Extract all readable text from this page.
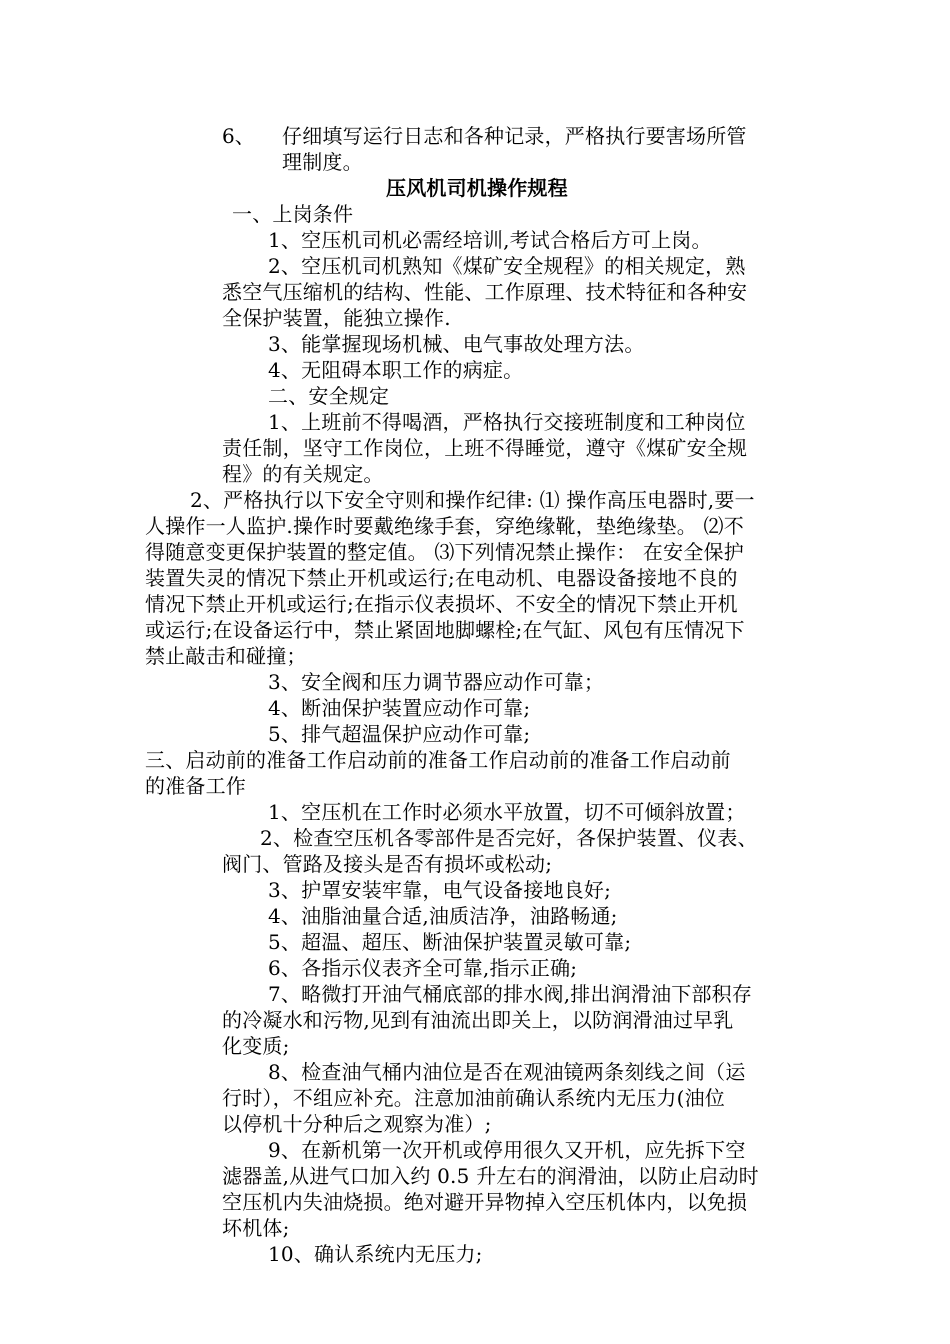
6、 仔细填写运行日志和各种记录，严格执行要害场所管
理制度。
压风机司机操作规程
一、上岗条件
1、空压机司机必需经培训,考试合格后方可上岗。
2、空压机司机熟知《煤矿安全规程》的相关规定，熟
悉空气压缩机的结构、性能、工作原理、技术特征和各种安
全保护装置，能独立操作.
3、能掌握现场机械、电气事故处理方法。
4、无阻碍本职工作的病症。
二、安全规定
1、上班前不得喝酒，严格执行交接班制度和工种岗位
责任制，坚守工作岗位，上班不得睡觉，遵守《煤矿安全规
程》的有关规定。
2、严格执行以下安全守则和操作纪律: ⑴ 操作高压电器时,要一
人操作一人监护.操作时要戴绝缘手套，穿绝缘靴，垫绝缘垫。 ⑵不
得随意变更保护装置的整定值。 ⑶下列情况禁止操作： 在安全保护
装置失灵的情况下禁止开机或运行;在电动机、电器设备接地不良的
情况下禁止开机或运行;在指示仪表损坏、不安全的情况下禁止开机
或运行;在设备运行中，禁止紧固地脚螺栓;在气缸、风包有压情况下
禁止敲击和碰撞；
3、安全阀和压力调节器应动作可靠；
4、断油保护装置应动作可靠;
5、排气超温保护应动作可靠;
三、启动前的准备工作启动前的准备工作启动前的准备工作启动前
的准备工作
1、空压机在工作时必须水平放置，切不可倾斜放置；
2、检查空压机各零部件是否完好，各保护装置、仪表、
阀门、管路及接头是否有损坏或松动;
3、护罩安装牢靠，电气设备接地良好;
4、油脂油量合适,油质洁净，油路畅通;
5、超温、超压、断油保护装置灵敏可靠;
6、各指示仪表齐全可靠,指示正确;
7、略微打开油气桶底部的排水阀,排出润滑油下部积存
的冷凝水和污物,见到有油流出即关上，以防润滑油过早乳
化变质;
8、检查油气桶内油位是否在观油镜两条刻线之间（运
行时），不组应补充。注意加油前确认系统内无压力(油位
以停机十分种后之观察为准）;
9、在新机第一次开机或停用很久又开机，应先拆下空
滤器盖,从进气口加入约 0.5 升左右的润滑油，以防止启动时
空压机内失油烧损。绝对避开异物掉入空压机体内，以免损
坏机体;
10、确认系统内无压力;
